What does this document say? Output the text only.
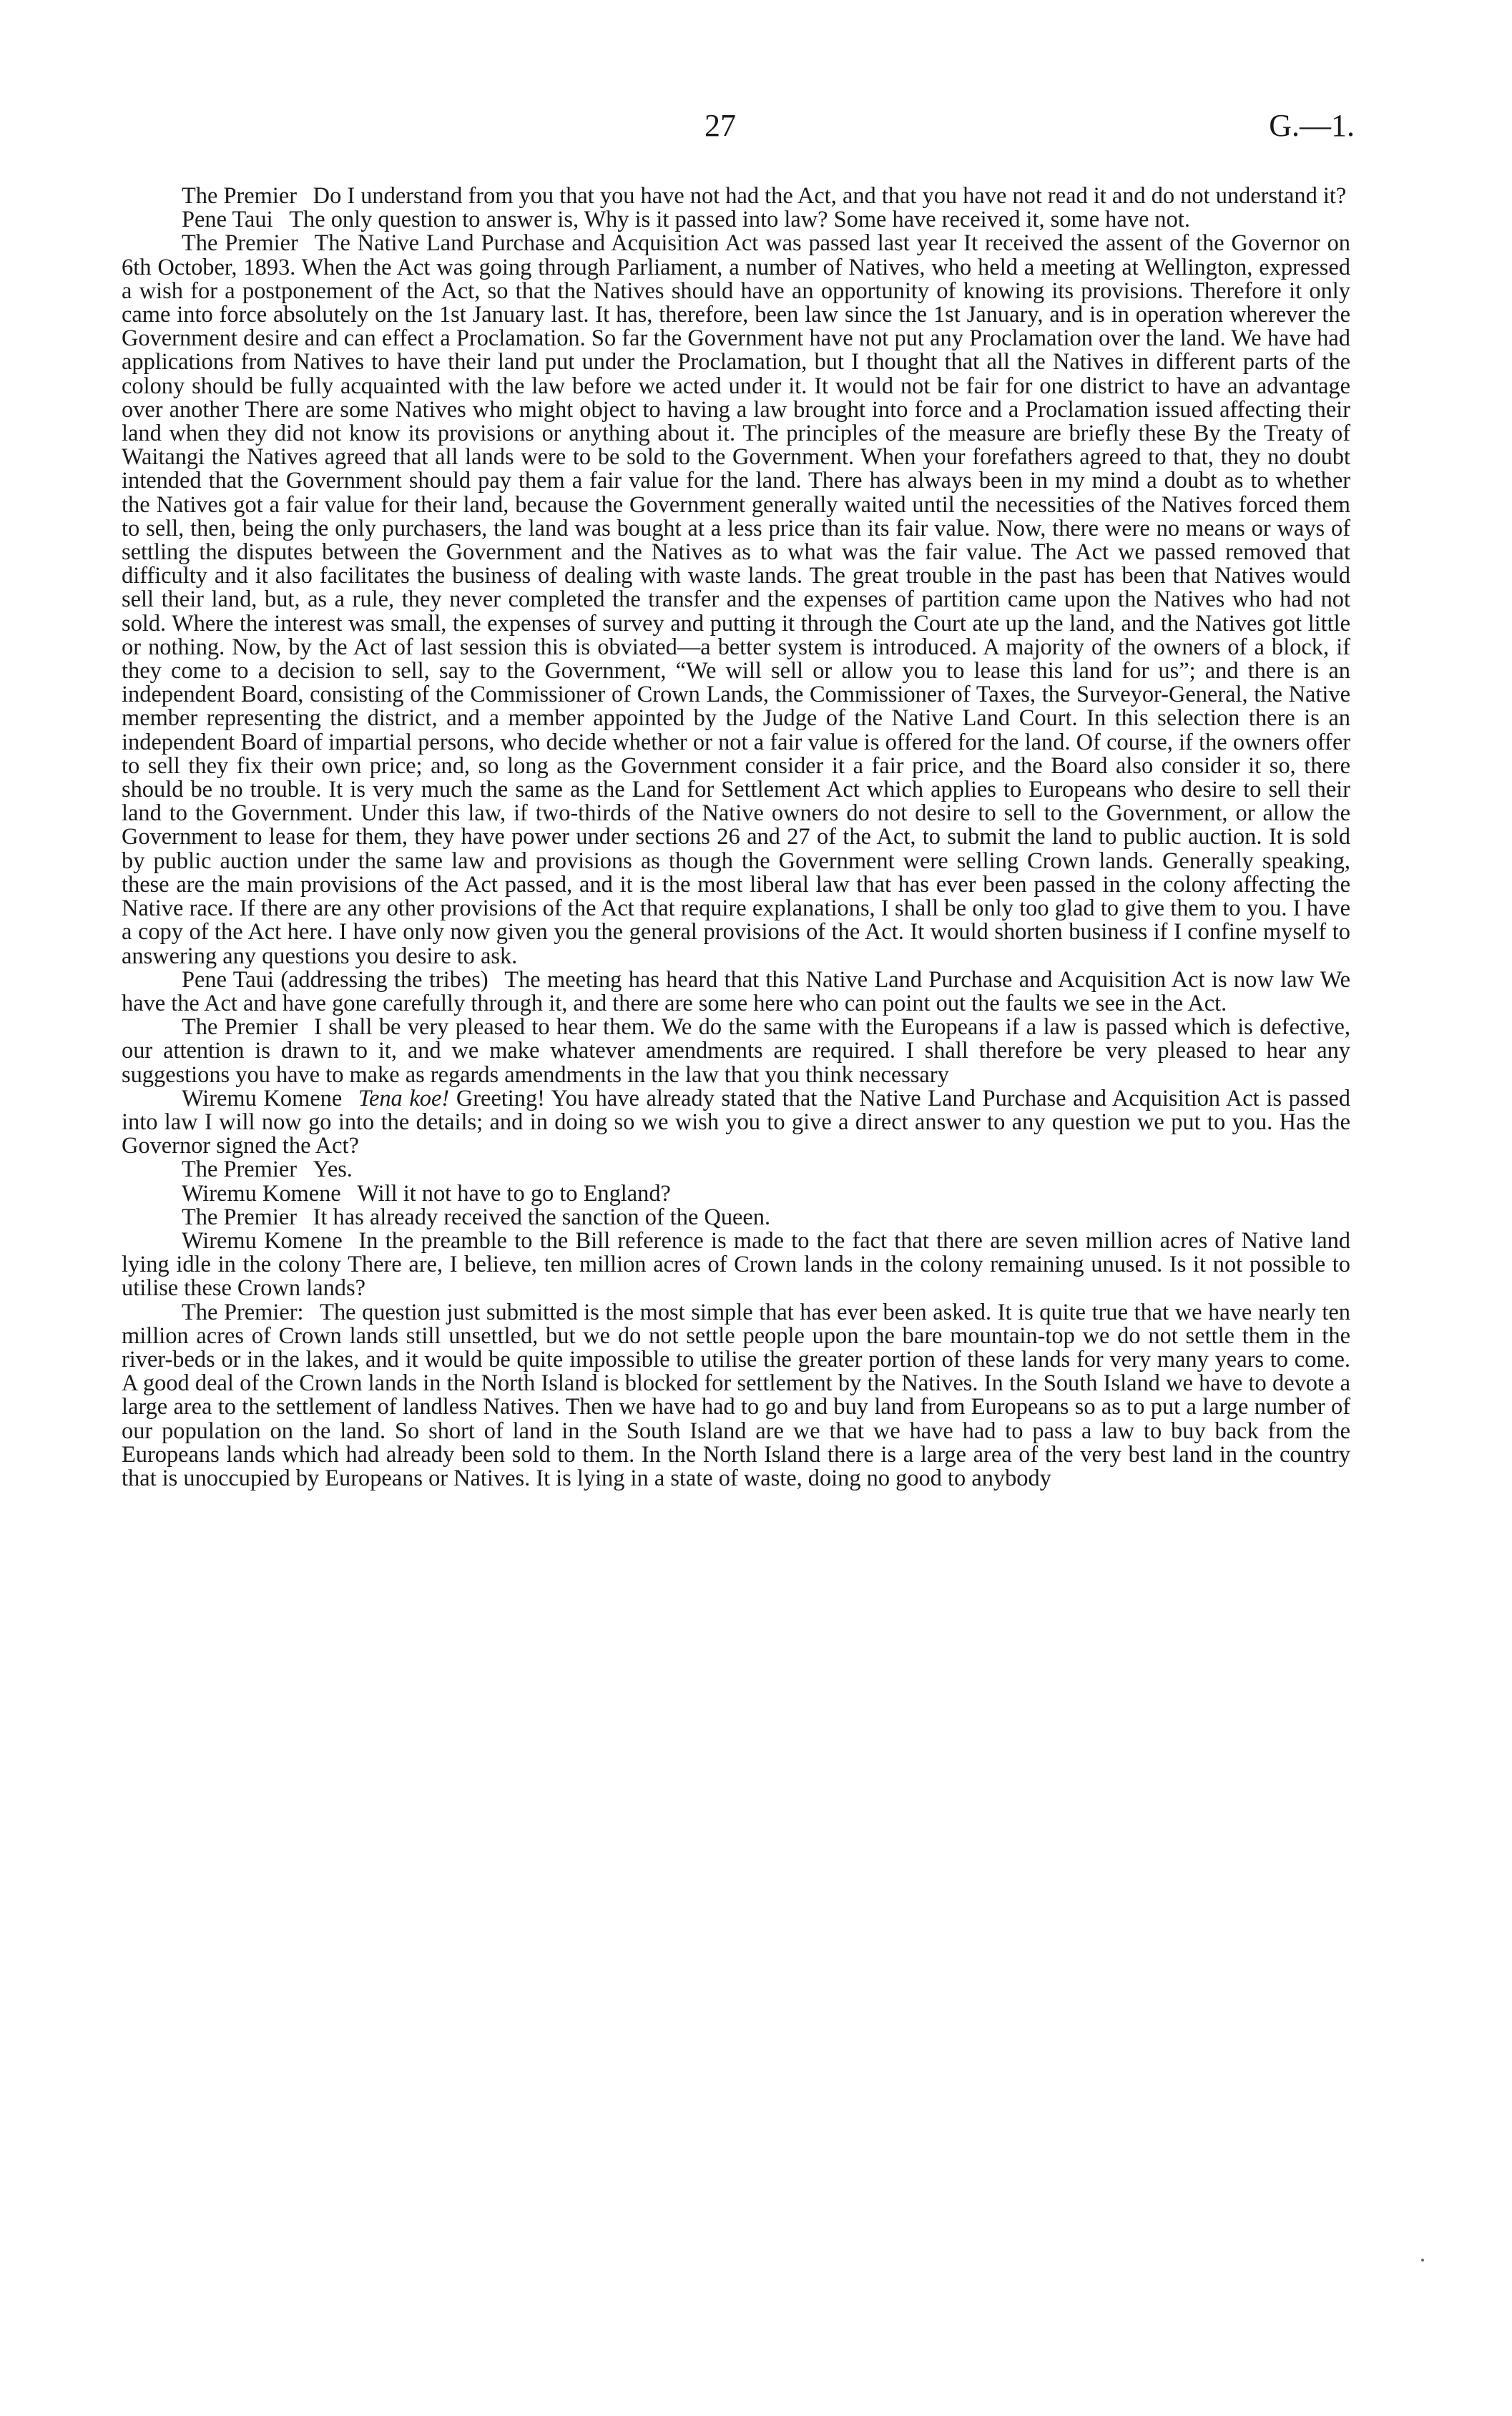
27	G.—1.

The Premier Do I understand from you that you have not had the Act, and that you have not read it and do not understand it?

Pene Taui The only question to answer is, Why is it passed into law? Some have received it, some have not.

The Premier The Native Land Purchase and Acquisition Act was passed last year It received the assent of the Governor on 6th October, 1893. When the Act was going through Parliament, a number of Natives, who held a meeting at Wellington, expressed a wish for a postponement of the Act, so that the Natives should have an opportunity of knowing its provisions. Therefore it only came into force absolutely on the 1st January last. It has, therefore, been law since the 1st January, and is in operation wherever the Government desire and can effect a Proclamation. So far the Government have not put any Proclamation over the land. We have had applications from Natives to have their land put under the Proclamation, but I thought that all the Natives in different parts of the colony should be fully acquainted with the law before we acted under it. It would not be fair for one district to have an advantage over another There are some Natives who might object to having a law brought into force and a Proclamation issued affecting their land when they did not know its provisions or anything about it. The principles of the measure are briefly these By the Treaty of Waitangi the Natives agreed that all lands were to be sold to the Government. When your forefathers agreed to that, they no doubt intended that the Government should pay them a fair value for the land. There has always been in my mind a doubt as to whether the Natives got a fair value for their land, because the Government generally waited until the necessities of the Natives forced them to sell, then, being the only purchasers, the land was bought at a less price than its fair value. Now, there were no means or ways of settling the disputes between the Government and the Natives as to what was the fair value. The Act we passed removed that difficulty and it also facilitates the business of dealing with waste lands. The great trouble in the past has been that Natives would sell their land, but, as a rule, they never completed the transfer and the expenses of partition came upon the Natives who had not sold. Where the interest was small, the expenses of survey and putting it through the Court ate up the land, and the Natives got little or nothing. Now, by the Act of last session this is obviated—a better system is introduced. A majority of the owners of a block, if they come to a decision to sell, say to the Government, “We will sell or allow you to lease this land for us”; and there is an independent Board, consisting of the Commissioner of Crown Lands, the Commissioner of Taxes, the Surveyor-General, the Native member representing the district, and a member appointed by the Judge of the Native Land Court. In this selection there is an independent Board of impartial persons, who decide whether or not a fair value is offered for the land. Of course, if the owners offer to sell they fix their own price; and, so long as the Government consider it a fair price, and the Board also consider it so, there should be no trouble. It is very much the same as the Land for Settlement Act which applies to Europeans who desire to sell their land to the Government. Under this law, if two-thirds of the Native owners do not desire to sell to the Government, or allow the Government to lease for them, they have power under sections 26 and 27 of the Act, to submit the land to public auction. It is sold by public auction under the same law and provisions as though the Government were selling Crown lands. Generally speaking, these are the main provisions of the Act passed, and it is the most liberal law that has ever been passed in the colony affecting the Native race. If there are any other provisions of the Act that require explanations, I shall be only too glad to give them to you. I have a copy of the Act here. I have only now given you the general provisions of the Act. It would shorten business if I confine myself to answering any questions you desire to ask.

Pene Taui (addressing the tribes) The meeting has heard that this Native Land Purchase and Acquisition Act is now law We have the Act and have gone carefully through it, and there are some here who can point out the faults we see in the Act.

The Premier I shall be very pleased to hear them. We do the same with the Europeans if a law is passed which is defective, our attention is drawn to it, and we make whatever amendments are required. I shall therefore be very pleased to hear any suggestions you have to make as regards amendments in the law that you think necessary

Wiremu Komene Tena koe! Greeting! You have already stated that the Native Land Purchase and Acquisition Act is passed into law I will now go into the details; and in doing so we wish you to give a direct answer to any question we put to you. Has the Governor signed the Act?

The Premier Yes.

Wiremu Komene Will it not have to go to England?

The Premier It has already received the sanction of the Queen.

Wiremu Komene In the preamble to the Bill reference is made to the fact that there are seven million acres of Native land lying idle in the colony There are, I believe, ten million acres of Crown lands in the colony remaining unused. Is it not possible to utilise these Crown lands?

The Premier: The question just submitted is the most simple that has ever been asked. It is quite true that we have nearly ten million acres of Crown lands still unsettled, but we do not settle people upon the bare mountain-top we do not settle them in the river-beds or in the lakes, and it would be quite impossible to utilise the greater portion of these lands for very many years to come. A good deal of the Crown lands in the North Island is blocked for settlement by the Natives. In the South Island we have to devote a large area to the settlement of landless Natives. Then we have had to go and buy land from Europeans so as to put a large number of our population on the land. So short of land in the South Island are we that we have had to pass a law to buy back from the Europeans lands which had already been sold to them. In the North Island there is a large area of the very best land in the country that is unoccupied by Europeans or Natives. It is lying in a state of waste, doing no good to anybody
